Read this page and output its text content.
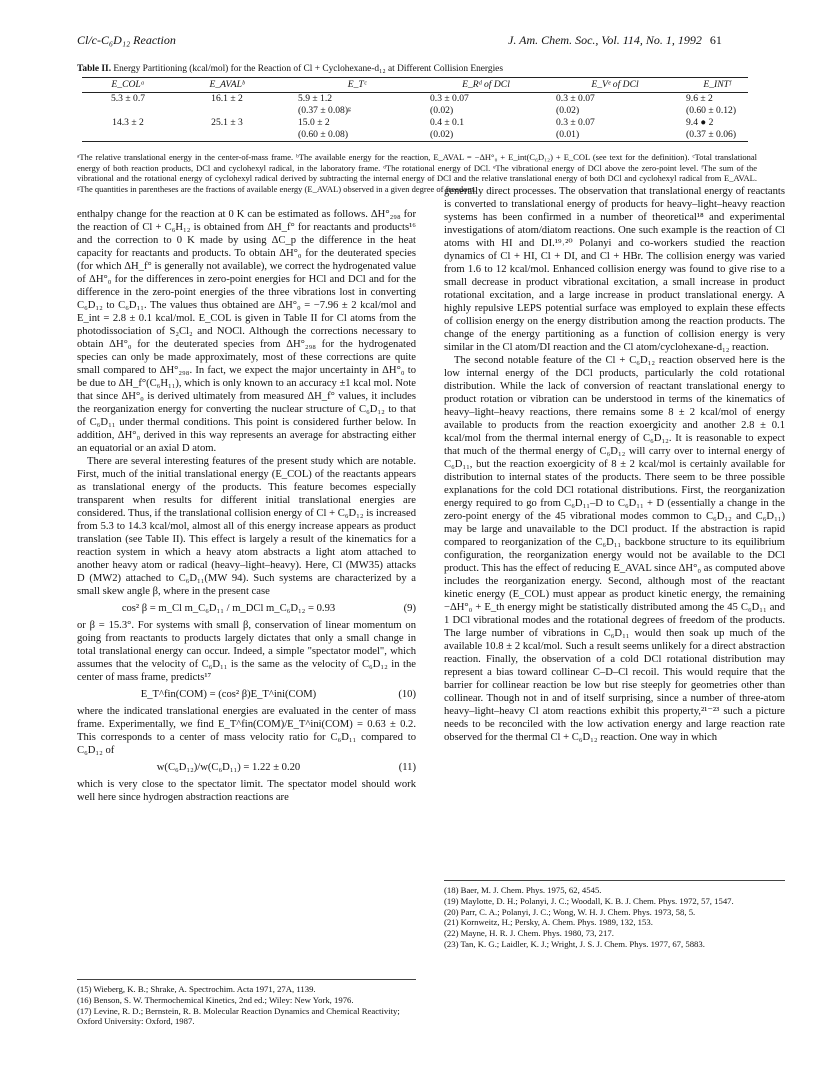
Cl/c-C₆D₁₂ Reaction	J. Am. Chem. Soc., Vol. 114, No. 1, 1992 61
Table II. Energy Partitioning (kcal/mol) for the Reaction of Cl + Cyclohexane-d₁₂ at Different Collision Energies
E_COLᵃ	E_AVALᵇ	E_Tᶜ	E_Rᵈ of DCl	E_Vᵉ of DCl	E_INTᶠ
5.3 ± 0.7	16.1 ± 2	5.9 ± 1.2	0.3 ± 0.07	0.3 ± 0.07	9.6 ± 2
		(0.37 ± 0.08)ᵍ	(0.02)	(0.02)	(0.60 ± 0.12)
14.3 ± 2	25.1 ± 3	15.0 ± 2	0.4 ± 0.1	0.3 ± 0.07	9.4 ● 2
		(0.60 ± 0.08)	(0.02)	(0.01)	(0.37 ± 0.06)
ᵃThe relative translational energy in the center-of-mass frame. ᵇThe available energy for the reaction, E_AVAL = −ΔH°₀ + E_int(C₆D₁₂) + E_COL (see text for the definition). ᶜTotal translational energy of both reaction products, DCl and cyclohexyl radical, in the laboratory frame. ᵈThe rotational energy of DCl. ᵉThe vibrational energy of DCl above the zero-point level. ᶠThe sum of the vibrational and the rotational energy of cyclohexyl radical derived by subtracting the internal energy of DCl and the relative translational energy of both DCl and cyclohexyl radical from E_AVAL. ᵍThe quantities in parentheses are the fractions of available energy (E_AVAL) observed in a given degree of freedom.

enthalpy change for the reaction at 0 K can be estimated as follows. ΔH°₂₉₈ for the reaction of Cl + C₆H₁₂ is obtained from ΔH_f° for reactants and products¹⁶ and the correction to 0 K made by using ΔC_p the difference in the heat capacity for reactants and products. To obtain ΔH°₀ for the deuterated species (for which ΔH_f° is generally not available), we correct the hydrogenated value of ΔH°₀ for the differences in zero-point energies for HCl and DCl and for the difference in the zero-point energies of the three vibrations lost in converting C₆D₁₂ to C₆D₁₁. The values thus obtained are ΔH°₀ = −7.96 ± 2 kcal/mol and E_int = 2.8 ± 0.1 kcal/mol. E_COL is given in Table II for Cl atoms from the photodissociation of S₂Cl₂ and NOCl. Although the corrections necessary to obtain ΔH°₀ for the deuterated species from ΔH°₂₉₈ for the hydrogenated species can only be made approximately, most of these corrections are quite small compared to ΔH°₂₉₈. In fact, we expect the major uncertainty in ΔH°₀ to be due to ΔH_f°(C₆H₁₁), which is only known to an accuracy ±1 kcal mol. Note that since ΔH°₀ is derived ultimately from measured ΔH_f° values, it includes the reorganization energy for converting the nuclear structure of C₆D₁₂ to that of C₆D₁₁ under thermal conditions. This point is considered further below. In addition, ΔH°₀ derived in this way represents an average for abstracting either an equatorial or an axial D atom.

There are several interesting features of the present study which are notable. First, much of the initial translational energy (E_COL) of the reactants appears as translational energy of the products. This feature becomes especially transparent when results for different initial translational energies are considered. Thus, if the translational collision energy of Cl + C₆D₁₂ is increased from 5.3 to 14.3 kcal/mol, almost all of this energy increase appears as product translation (see Table II). This effect is largely a result of the kinematics for a reaction system in which a heavy atom abstracts a light atom attached to another heavy atom or radical (heavy–light–heavy). Here, Cl (MW35) attacks D (MW2) attached to C₆D₁₁(MW 94). Such systems are characterized by a small skew angle β, where in the present case

cos² β = m_Cl m_C₆D₁₁ / m_DCl m_C₆D₁₂ = 0.93	(9)

or β = 15.3°. For systems with small β, conservation of linear momentum on going from reactants to products largely dictates that only a small change in total translational energy can occur. Indeed, a simple "spectator model", which assumes that the velocity of C₆D₁₁ is the same as the velocity of C₆D₁₂ in the center of mass frame, predicts¹⁷

E_T^fin(COM) = (cos² β)E_T^ini(COM)	(10)

where the indicated translational energies are evaluated in the center of mass frame. Experimentally, we find E_T^fin(COM)/E_T^ini(COM) = 0.63 ± 0.2. This corresponds to a center of mass velocity ratio for C₆D₁₁ compared to C₆D₁₂ of

w(C₆D₁₂)/w(C₆D₁₁) = 1.22 ± 0.20	(11)

which is very close to the spectator limit. The spectator model should work well here since hydrogen abstraction reactions are

generally direct processes. The observation that translational energy of reactants is converted to translational energy of products for heavy–light–heavy reaction systems has been confirmed in a number of theoretical¹⁸ and experimental investigations of atom/diatom reactions. One such example is the reaction of Cl atoms with HI and DI.¹⁹˒²⁰ Polanyi and co-workers studied the reaction dynamics of Cl + HI, Cl + DI, and Cl + HBr. The collision energy was varied from 1.6 to 12 kcal/mol. Enhanced collision energy was found to give rise to a small decrease in product vibrational excitation, a small increase in product rotational excitation, and a large increase in product translational energy. A highly repulsive LEPS potential surface was employed to explain these effects of collision energy on the energy distribution among the reaction products. The change of the energy partitioning as a function of collision energy is very similar in the Cl atom/DI reaction and the Cl atom/cyclohexane-d₁₂ reaction.

The second notable feature of the Cl + C₆D₁₂ reaction observed here is the low internal energy of the DCl products, particularly the cold rotational distribution. While the lack of conversion of reactant translational energy to product rotation or vibration can be understood in terms of the kinematics of heavy–light–heavy reactions, there remains some 8 ± 2 kcal/mol of energy available to products from the reaction exoergicity and another 2.8 ± 0.1 kcal/mol from the thermal internal energy of C₆D₁₂. It is reasonable to expect that much of the thermal energy of C₆D₁₂ will carry over to internal energy of C₆D₁₁, but the reaction exoergicity of 8 ± 2 kcal/mol is certainly available for distribution to internal states of the products. There seem to be three possible explanations for the cold DCl rotational distributions. First, the reorganization energy required to go from C₆D₁₁–D to C₆D₁₁ + D (essentially a change in the zero-point energy of the 45 vibrational modes common to C₆D₁₂ and C₆D₁₁) may be large and unavailable to the DCl product. If the abstraction is rapid compared to reorganization of the C₆D₁₁ backbone structure to its equilibrium configuration, the reorganization energy would not be available to the DCl product. This has the effect of reducing E_AVAL since ΔH°₀ as computed above includes the reorganization energy. Second, although most of the reactant kinetic energy (E_COL) must appear as product kinetic energy, the remaining −ΔH°₀ + E_th energy might be statistically distributed among the 45 C₆D₁₁ and 1 DCl vibrational modes and the rotational degrees of freedom of the products. The large number of vibrations in C₆D₁₁ would then soak up much of the available 10.8 ± 2 kcal/mol. Such a result seems unlikely for a direct abstraction reaction. Finally, the observation of a cold DCl rotational distribution may represent a bias toward collinear C–D–Cl recoil. This would require that the barrier for collinear reaction be low but rise steeply for geometries other than collinear. Though not in and of itself surprising, since a number of three-atom heavy–light–heavy Cl atom reactions exhibit this property,²¹⁻²³ such a picture needs to be reconciled with the low activation energy and large reaction rate observed for the thermal Cl + C₆D₁₂ reaction. One way in which

(15) Wieberg, K. B.; Shrake, A. Spectrochim. Acta 1971, 27A, 1139.
(16) Benson, S. W. Thermochemical Kinetics, 2nd ed.; Wiley: New York, 1976.
(17) Levine, R. D.; Bernstein, R. B. Molecular Reaction Dynamics and Chemical Reactivity; Oxford University: Oxford, 1987.
(18) Baer, M. J. Chem. Phys. 1975, 62, 4545.
(19) Maylotte, D. H.; Polanyi, J. C.; Woodall, K. B. J. Chem. Phys. 1972, 57, 1547.
(20) Parr, C. A.; Polanyi, J. C.; Wong, W. H. J. Chem. Phys. 1973, 58, 5.
(21) Kornweitz, H.; Persky, A. Chem. Phys. 1989, 132, 153.
(22) Mayne, H. R. J. Chem. Phys. 1980, 73, 217.
(23) Tan, K. G.; Laidler, K. J.; Wright, J. S. J. Chem. Phys. 1977, 67, 5883.
